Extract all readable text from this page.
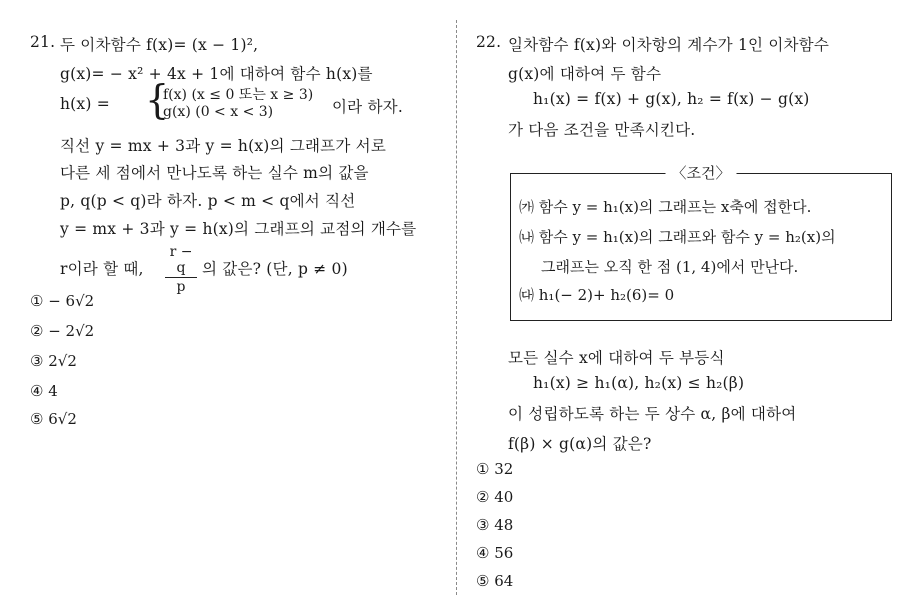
21. 두 이차함수 f(x)= (x − 1)²,
g(x)= − x² + 4x + 1에 대하여 함수 h(x)를
h(x) = {
f(x) (x ≤ 0 또는 x ≥ 3)
g(x) (0 < x < 3)	이라 하자.
직선 y = mx + 3과 y = h(x)의 그래프가 서로
다른 세 점에서 만나도록 하는 실수 m의 값을
p, q(p < q)라 하자. p < m < q에서 직선
y = mx + 3과 y = h(x)의 그래프의 교점의 개수를
r이라 할 때,
r − q
p
의 값은? (단, p ≠ 0)
① − 6√2
② − 2√2
③ 2√2
④ 4
⑤ 6√2
22. 일차함수 f(x)와 이차항의 계수가 1인 이차함수
g(x)에 대하여 두 함수
h₁(x) = f(x) + g(x), h₂ = f(x) − g(x)
가 다음 조건을 만족시킨다.
〈조건〉
㈎ 함수 y = h₁(x)의 그래프는 x축에 접한다.
㈏ 함수 y = h₁(x)의 그래프와 함수 y = h₂(x)의
그래프는 오직 한 점 (1, 4)에서 만난다.
㈐ h₁(− 2)+ h₂(6)= 0
모든 실수 x에 대하여 두 부등식
h₁(x) ≥ h₁(α), h₂(x) ≤ h₂(β)
이 성립하도록 하는 두 상수 α, β에 대하여
f(β) × g(α)의 값은?
① 32
② 40
③ 48
④ 56
⑤ 64
